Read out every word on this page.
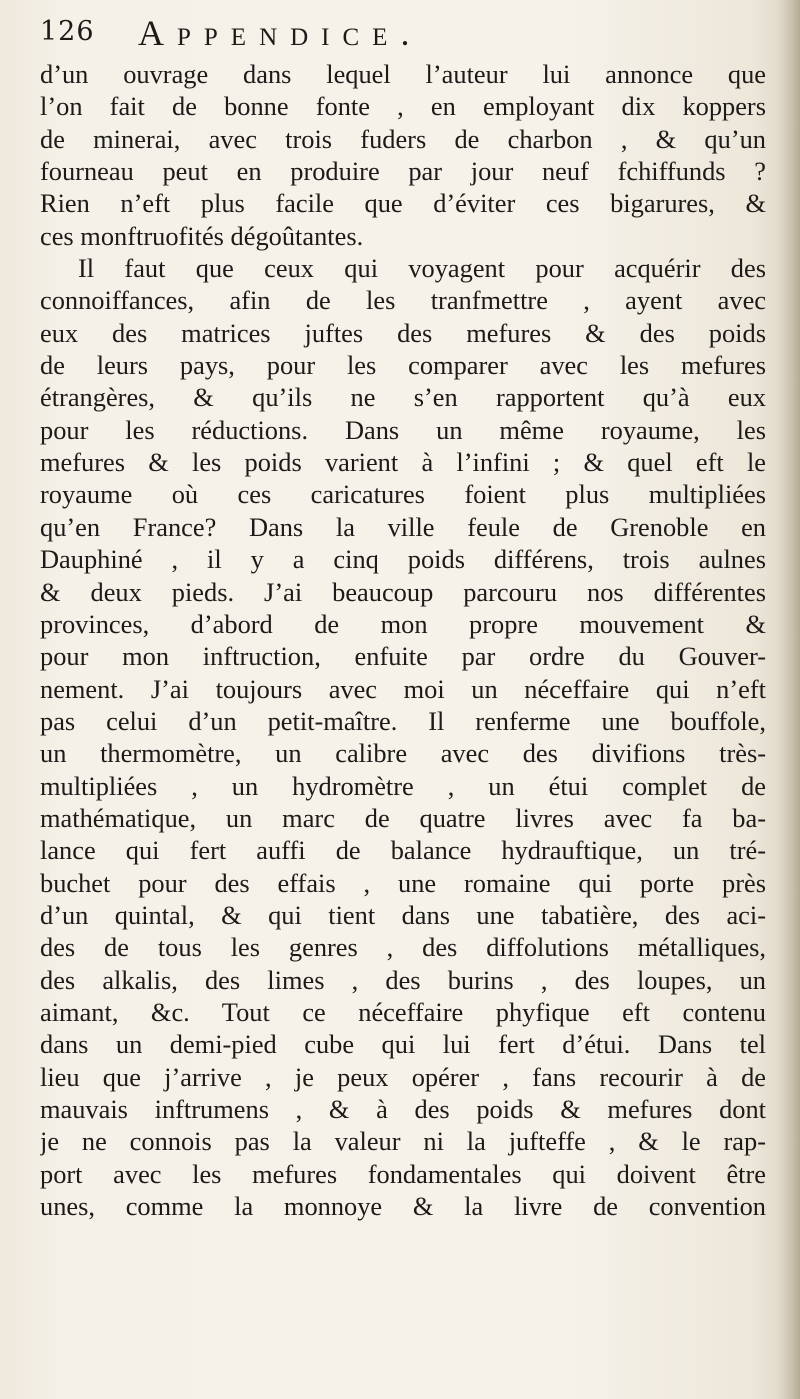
126 Appendice.
d’un ouvrage dans lequel l’auteur lui annonce que
l’on fait de bonne fonte , en employant dix koppers
de minerai, avec trois fuders de charbon , & qu’un
fourneau peut en produire par jour neuf fchiffunds ?
Rien n’eft plus facile que d’éviter ces bigarures, &
ces monftruofités dégoûtantes.
Il faut que ceux qui voyagent pour acquérir des
connoiffances, afin de les tranfmettre , ayent avec
eux des matrices juftes des mefures & des poids
de leurs pays, pour les comparer avec les mefures
étrangères, & qu’ils ne s’en rapportent qu’à eux
pour les réductions. Dans un même royaume, les
mefures & les poids varient à l’infini ; & quel eft le
royaume où ces caricatures foient plus multipliées
qu’en France? Dans la ville feule de Grenoble en
Dauphiné , il y a cinq poids différens, trois aulnes
& deux pieds. J’ai beaucoup parcouru nos différentes
provinces, d’abord de mon propre mouvement &
pour mon inftruction, enfuite par ordre du Gouver-
nement. J’ai toujours avec moi un néceffaire qui n’eft
pas celui d’un petit-maître. Il renferme une bouffole,
un thermomètre, un calibre avec des divifions très-
multipliées , un hydromètre , un étui complet de
mathématique, un marc de quatre livres avec fa ba-
lance qui fert auffi de balance hydrauftique, un tré-
buchet pour des effais , une romaine qui porte près
d’un quintal, & qui tient dans une tabatière, des aci-
des de tous les genres , des diffolutions métalliques,
des alkalis, des limes , des burins , des loupes, un
aimant, &c. Tout ce néceffaire phyfique eft contenu
dans un demi-pied cube qui lui fert d’étui. Dans tel
lieu que j’arrive , je peux opérer , fans recourir à de
mauvais inftrumens , & à des poids & mefures dont
je ne connois pas la valeur ni la jufteffe , & le rap-
port avec les mefures fondamentales qui doivent être
unes, comme la monnoye & la livre de convention
